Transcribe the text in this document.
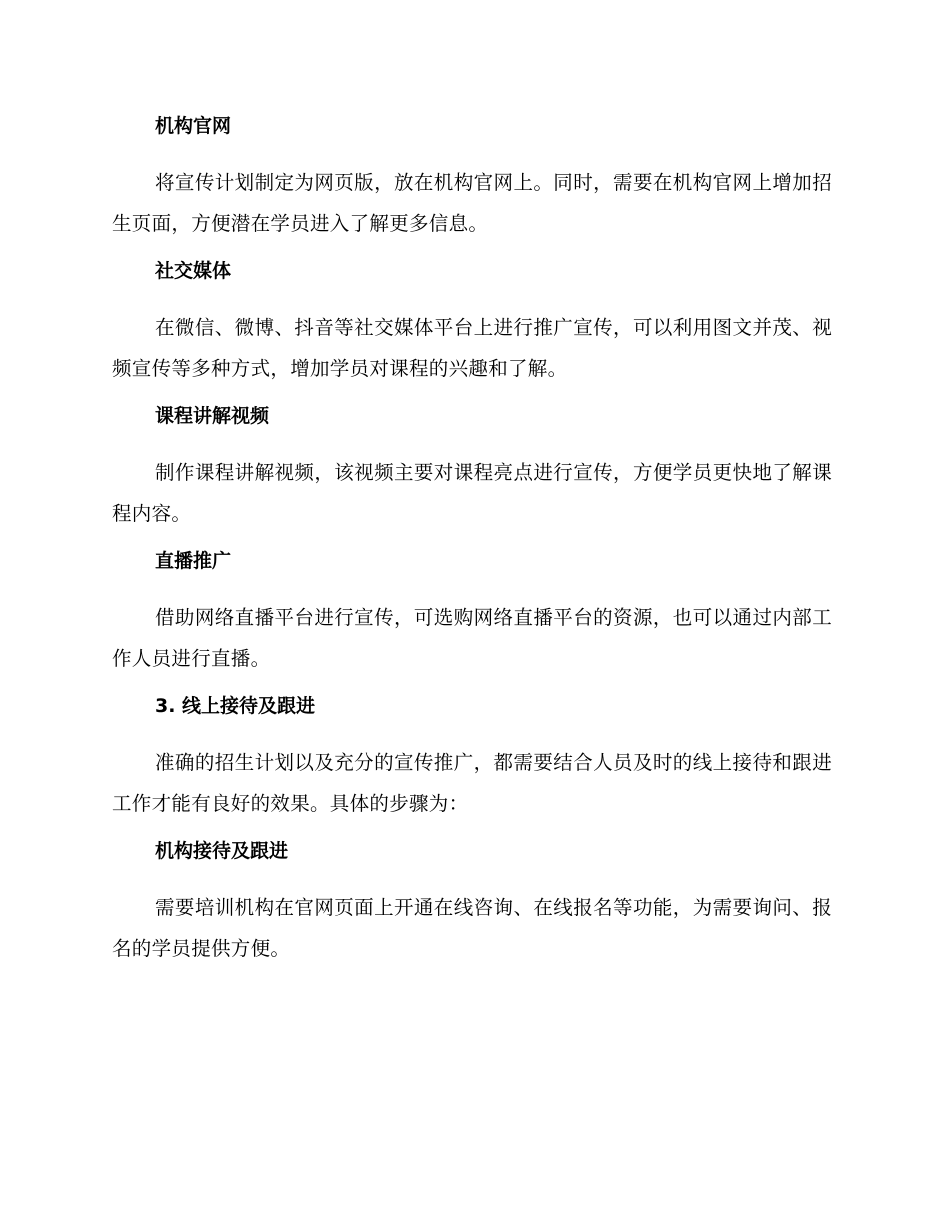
机构官网

将宣传计划制定为网页版，放在机构官网上。同时，需要在机构官网上增加招生页面，方便潜在学员进入了解更多信息。

社交媒体

在微信、微博、抖音等社交媒体平台上进行推广宣传，可以利用图文并茂、视频宣传等多种方式，增加学员对课程的兴趣和了解。

课程讲解视频

制作课程讲解视频，该视频主要对课程亮点进行宣传，方便学员更快地了解课程内容。

直播推广

借助网络直播平台进行宣传，可选购网络直播平台的资源，也可以通过内部工作人员进行直播。

3. 线上接待及跟进

准确的招生计划以及充分的宣传推广，都需要结合人员及时的线上接待和跟进工作才能有良好的效果。具体的步骤为：

机构接待及跟进

需要培训机构在官网页面上开通在线咨询、在线报名等功能，为需要询问、报名的学员提供方便。
